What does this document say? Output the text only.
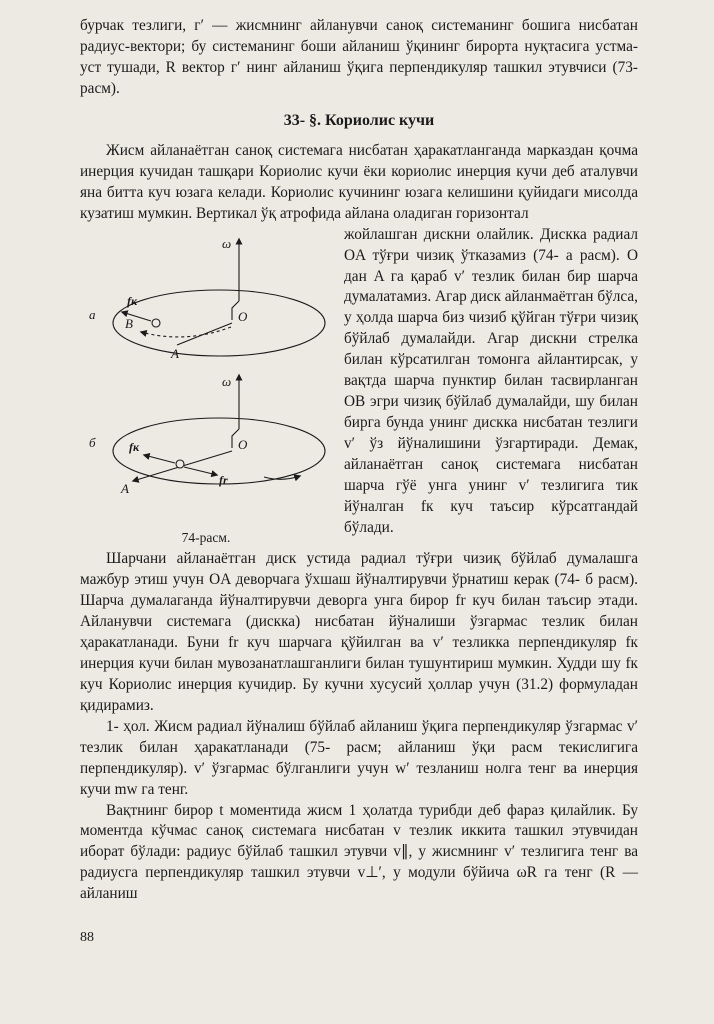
бурчак тезлиги, г′ — жисмнинг айланувчи саноқ системанинг бошига нисбатан радиус-вектори; бу системанинг боши айланиш ўқининг бирорта нуқтасига устма-уст тушади, R вектор г′ нинг айланиш ўқига перпендикуляр ташкил этувчиси (73- расм).

33- §. Кориолис кучи

Жисм айланаётган саноқ системага нисбатан ҳаракатланганда марказдан қочма инерция кучидан ташқари Кориолис кучи ёки кориолис инерция кучи деб аталувчи яна битта куч юзага келади. Кориолис кучининг юзага келишини қуйидаги мисолда кузатиш мумкин. Вертикал ўқ атрофида айлана оладиган горизонтал

ω
а	O
A
B
fк
ω
б	O
A
fк
fr
74-расм.
жойлашган дискни олайлик. Дискка радиал OA тўғри чизиқ ўтказамиз (74- а расм). O дан A га қараб v′ тезлик билан бир шарча думалатамиз. Агар диск айланмаётган бўлса, у ҳолда шарча биз чизиб қўйган тўғри чизиқ бўйлаб думалайди. Агар дискни стрелка билан кўрсатилган томонга айлантирсак, у вақтда шарча пунктир билан тасвирланган OB эгри чизиқ бўйлаб думалайди, шу билан бирга бунда унинг дискка нисбатан тезлиги v′ ўз йўналишини ўзгартиради. Демак, айланаётган саноқ системага нисбатан шарча гўё унга унинг v′ тезлигига тик йўналган fк куч таъсир кўрсатгандай бўлади.

Шарчани айланаётган диск устида радиал тўғри чизиқ бўйлаб думалашга мажбур этиш учун OA деворчага ўхшаш йўналтирувчи ўрнатиш керак (74- б расм). Шарча думалаганда йўналтирувчи деворга унга бирор fr куч билан таъсир этади. Айланувчи системага (дискка) нисбатан йўналиши ўзгармас тезлик билан ҳаракатланади. Буни fr куч шарчага қўйилган ва v′ тезликка перпендикуляр fк инерция кучи билан мувозанатлашганлиги билан тушунтириш мумкин. Худди шу fк куч Кориолис инерция кучидир. Бу кучни хусусий ҳоллар учун (31.2) формуладан қидирамиз.

1- ҳол. Жисм радиал йўналиш бўйлаб айланиш ўқига перпендикуляр ўзгармас v′ тезлик билан ҳаракатланади (75- расм; айланиш ўқи расм текислигига перпендикуляр). v′ ўзгармас бўлганлиги учун w′ тезланиш нолга тенг ва инерция кучи mw га тенг.

Вақтнинг бирор t моментида жисм 1 ҳолатда турибди деб фараз қилайлик. Бу моментда кўчмас саноқ системага нисбатан v тезлик иккита ташкил этувчидан иборат бўлади: радиус бўйлаб ташкил этувчи v∥, у жисмнинг v′ тезлигига тенг ва радиусга перпендикуляр ташкил этувчи v⊥′, у модули бўйича ωR га тенг (R — айланиш

88
